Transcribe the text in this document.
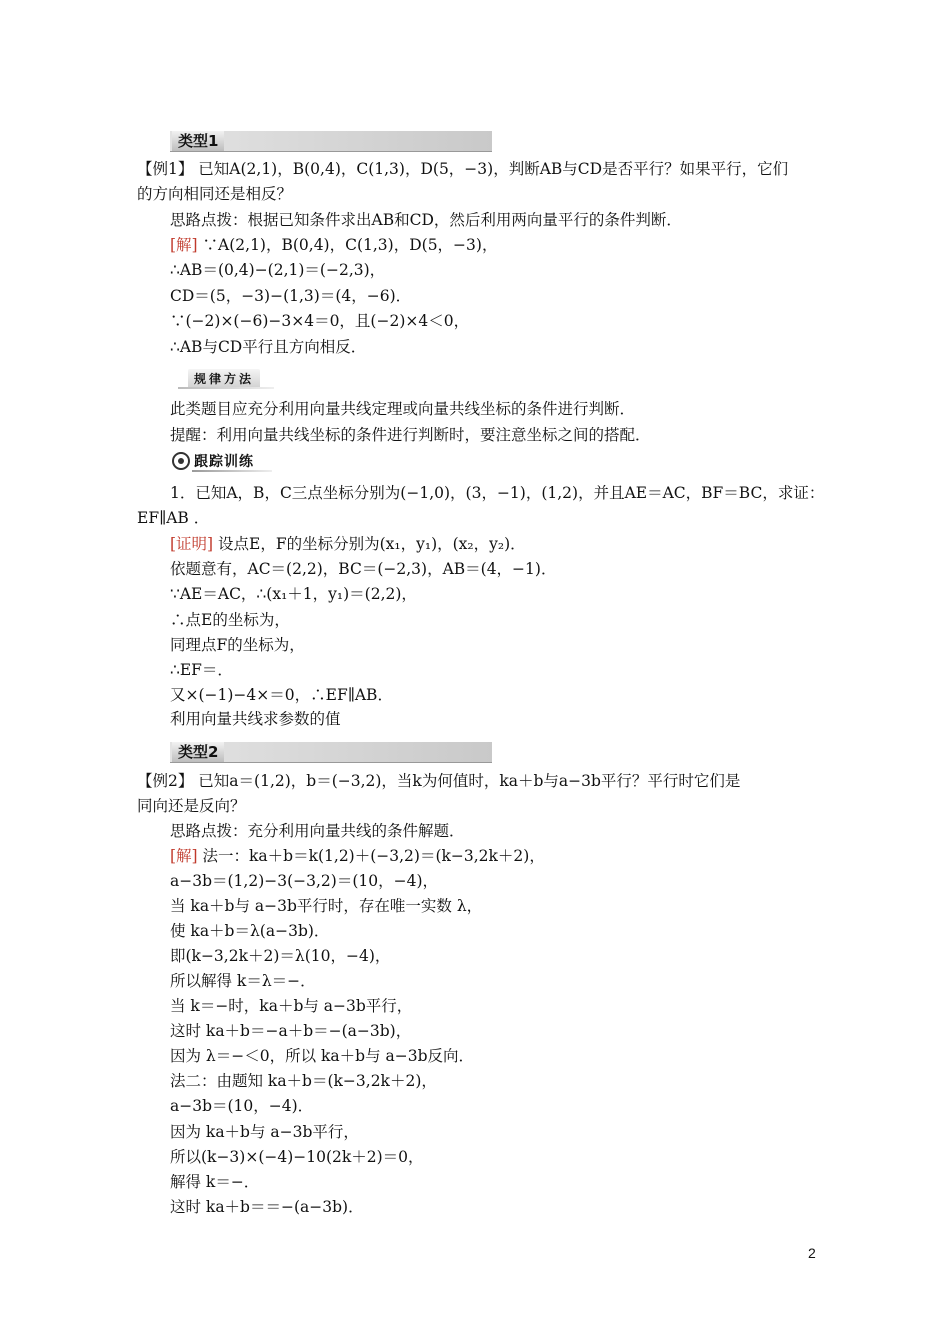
类型1
【例1】 已知A(2,1)，B(0,4)，C(1,3)，D(5，−3)，判断AB与CD是否平行？如果平行，它们
的方向相同还是相反？
思路点拨：根据已知条件求出AB和CD，然后利用两向量平行的条件判断．
[解] ∵A(2,1)，B(0,4)，C(1,3)，D(5，−3)，
∴AB＝(0,4)−(2,1)＝(−2,3)，
CD＝(5，−3)−(1,3)＝(4，−6)．
∵(−2)×(−6)−3×4＝0，且(−2)×4＜0，
∴AB与CD平行且方向相反．
规律方法
此类题目应充分利用向量共线定理或向量共线坐标的条件进行判断．
提醒：利用向量共线坐标的条件进行判断时，要注意坐标之间的搭配．
跟踪训练
1．已知A，B，C三点坐标分别为(−1,0)，(3，−1)，(1,2)，并且AE＝AC，BF＝BC，求证：
EF∥AB ．
[证明] 设点E，F的坐标分别为(x₁，y₁)，(x₂，y₂)．
依题意有，AC＝(2,2)，BC＝(−2,3)，AB＝(4，−1)．
∵AE＝AC，∴(x₁＋1，y₁)＝(2,2)，
∴点E的坐标为，
同理点F的坐标为，
∴EF＝．
又×(−1)−4×＝0，∴EF∥AB．
利用向量共线求参数的值
类型2
【例2】 已知a＝(1,2)，b＝(−3,2)，当k为何值时，ka＋b与a−3b平行？平行时它们是
同向还是反向？
思路点拨：充分利用向量共线的条件解题．
[解] 法一：ka＋b＝k(1,2)＋(−3,2)＝(k−3,2k＋2)，
a−3b＝(1,2)−3(−3,2)＝(10，−4)，
当 ka＋b与 a−3b平行时，存在唯一实数 λ，
使 ka＋b＝λ(a−3b)．
即(k−3,2k＋2)＝λ(10，−4)，
所以解得 k＝λ＝−．
当 k＝−时，ka＋b与 a−3b平行，
这时 ka＋b＝−a＋b＝−(a−3b)，
因为 λ＝−＜0，所以 ka＋b与 a−3b反向．
法二：由题知 ka＋b＝(k−3,2k＋2)，
a−3b＝(10，−4)．
因为 ka＋b与 a−3b平行，
所以(k−3)×(−4)−10(2k＋2)＝0，
解得 k＝−．
这时 ka＋b＝＝−(a−3b)．
2
